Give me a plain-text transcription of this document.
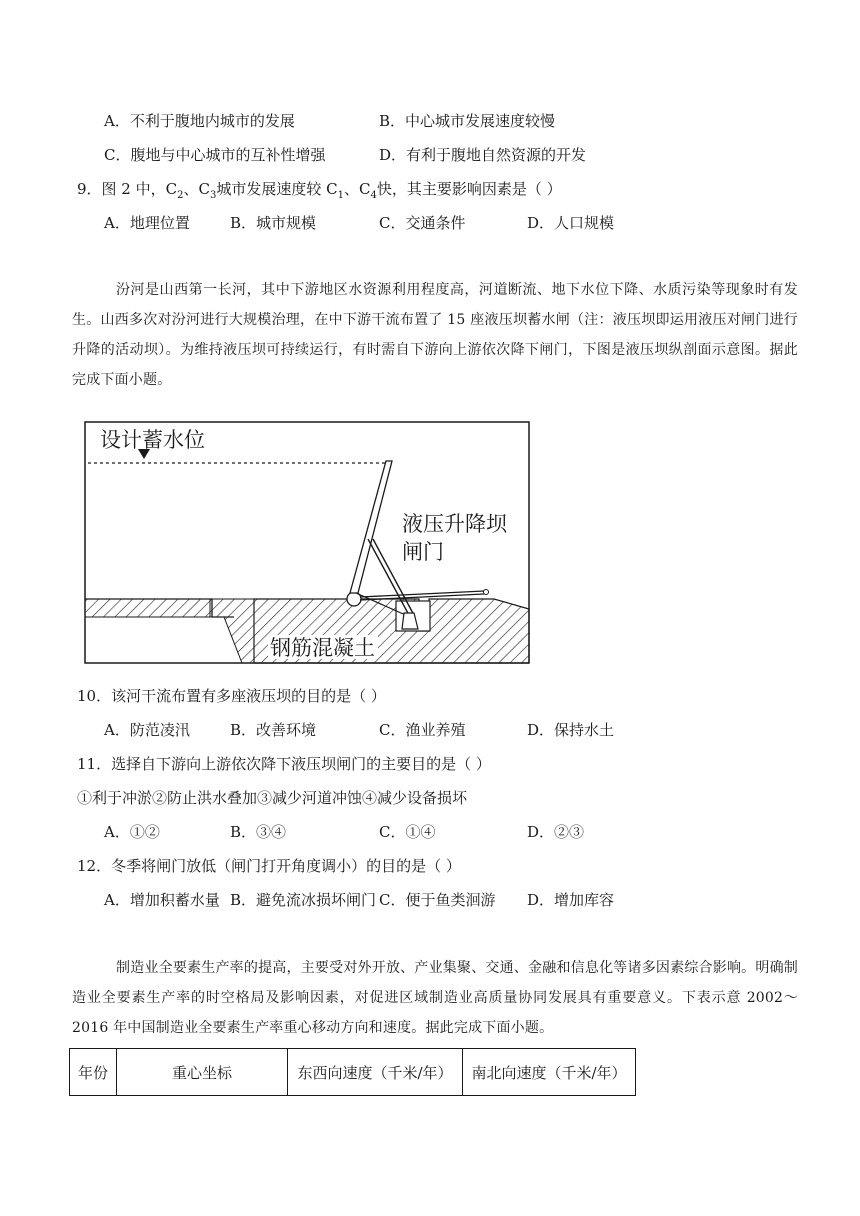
A．不利于腹地内城市的发展	B．中心城市发展速度较慢
C．腹地与中心城市的互补性增强	D．有利于腹地自然资源的开发
9．图 2 中，$C_2$、$C_3$城市发展速度较 $C_1$、$C_4$快，其主要影响因素是（ ）
A．地理位置	B．城市规模	C．交通条件	D．人口规模
汾河是山西第一长河，其中下游地区水资源利用程度高，河道断流、地下水位下降、水质污染等现象时有发生。山西多次对汾河进行大规模治理，在中下游干流布置了 15 座液压坝蓄水闸（注：液压坝即运用液压对闸门进行升降的活动坝）。为维持液压坝可持续运行，有时需自下游向上游依次降下闸门，下图是液压坝纵剖面示意图。据此完成下面小题。
设计蓄水位
钢筋混凝土
液压升降坝
闸门
10．该河干流布置有多座液压坝的目的是（ ）
A．防范凌汛	B．改善环境	C．渔业养殖	D．保持水土
11．选择自下游向上游依次降下液压坝闸门的主要目的是（ ）
①利于冲淤②防止洪水叠加③减少河道冲蚀④减少设备损坏
A．①②	B．③④	C．①④	D．②③
12．冬季将闸门放低（闸门打开角度调小）的目的是（ ）
A．增加积蓄水量 B．避免流冰损坏闸门 C．便于鱼类洄游 D．增加库容
制造业全要素生产率的提高，主要受对外开放、产业集聚、交通、金融和信息化等诸多因素综合影响。明确制造业全要素生产率的时空格局及影响因素，对促进区域制造业高质量协同发展具有重要意义。下表示意 2002～2016 年中国制造业全要素生产率重心移动方向和速度。据此完成下面小题。
年份	重心坐标	东西向速度（千米/年）	南北向速度（千米/年）
